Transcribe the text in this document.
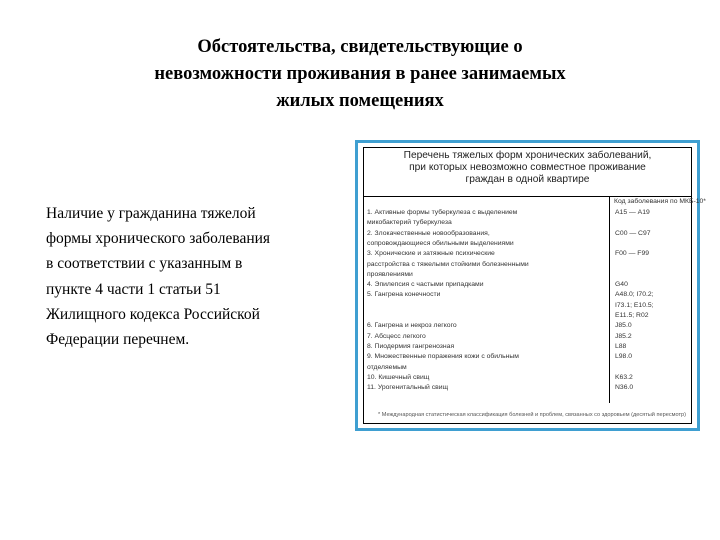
Обстоятельства, свидетельствующие о
невозможности проживания в ранее занимаемых
жилых помещениях
Наличие у гражданина тяжелой
формы хронического заболевания
в соответствии с указанным в
пункте 4 части 1 статьи 51
Жилищного кодекса Российской
Федерации перечнем.
Перечень тяжелых форм хронических заболеваний,
при которых невозможно совместное проживание
граждан в одной квартире
Код заболевания по МКБ-10*
1. Активные формы туберкулеза с выделением	А15 — А19
микобактерий туберкулеза
2. Злокачественные новообразования,	С00 — С97
сопровождающиеся обильными выделениями
3. Хронические и затяжные психические	F00 — F99
расстройства с тяжелыми стойкими болезненными
проявлениями
4. Эпилепсия с частыми припадками	G40
5. Гангрена конечности	А48.0; I70.2;
I73.1; E10.5;
E11.5; R02
6. Гангрена и некроз легкого	J85.0
7. Абсцесс легкого	J85.2
8. Пиодермия гангренозная	L88
9. Множественные поражения кожи с обильным	L98.0
отделяемым
10. Кишечный свищ	K63.2
11. Урогенитальный свищ	N36.0
* Международная статистическая классификация болезней и проблем, связанных со здоровьем (десятый пересмотр)
